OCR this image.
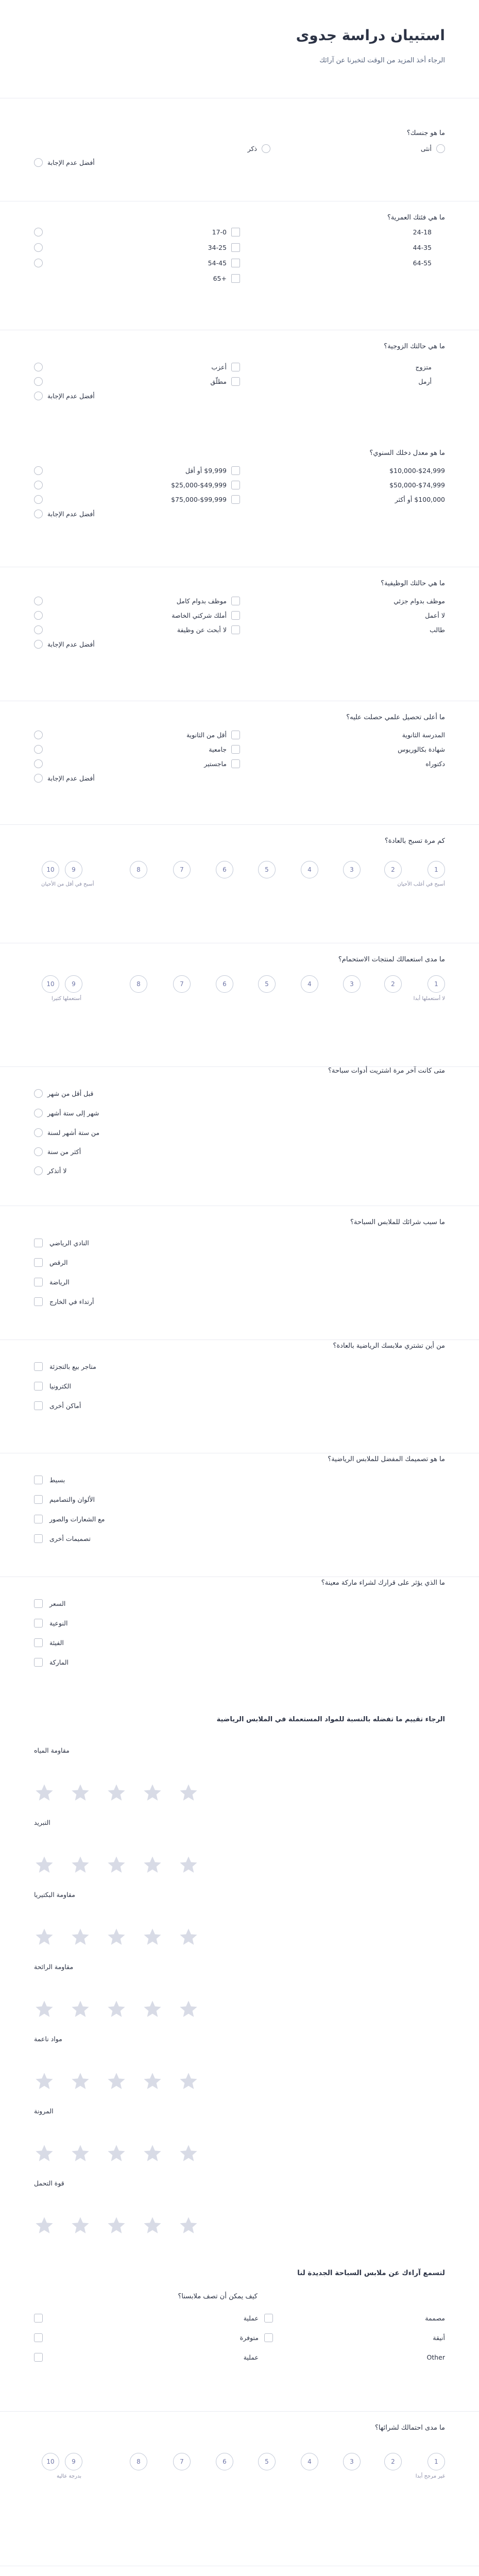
استبيان دراسة جدوى
الرجاء أخذ المزيد من الوقت لتخبرنا عن آرائك
ما هو جنسك؟
أنثى
ذكر
أفضل عدم الإجابة
ما هي فئتك العمرية؟
24-18
17-0
44-35
34-25
64-55
54-45
+65
ما هي حالتك الزوجية؟
متزوج
أعزب
أرمل
مطلّق
أفضل عدم الإجابة
ما هو معدل دخلك السنوي؟
$24,999-$10,000
$9,999 أو أقل
$74,999-$50,000
$49,999-$25,000
$100,000 أو أكثر
$99,999-$75,000
أفضل عدم الإجابة
ما هي حالتك الوظيفية؟
موظف بدوام جزئي
موظف بدوام كامل
لا أعمل
أملك شركتي الخاصة
طالب
لا أبحث عن وظيفة
أفضل عدم الإجابة
ما أعلى تحصيل علمي حصلت عليه؟
المدرسة الثانوية
أقل من الثانوية
شهادة بكالوريوس
جامعية
دكتوراه
ماجستير
أفضل عدم الإجابة
كم مرة تسبح بالعادة؟
1
2
3
4
5
6
7
8
9
10
أسبح في أغلب الأحيان
أسبح في أقل من الأحيان
ما مدى استعمالك لمنتجات الاستحمام؟
1
2
3
4
5
6
7
8
9
10
لا أستعملها أبدا
أستعملها كثيرا
متى كانت آخر مرة اشتريت أدوات سباحة؟
قبل أقل من شهر
شهر إلى ستة أشهر
من ستة أشهر لسنة
أكثر من سنة
لا أتذكر
ما سبب شرائك للملابس السباحة؟
النادي الرياضي
الرقص
الرياضة
أرتداء في الخارج
من أين تشتري ملابسك الرياضية بالعادة؟
متاجر بيع بالتجزئة
الكترونيا
أماكن أخرى
ما هو تصميمك المفضل للملابس الرياضية؟
بسيط
الألوان والتصاميم
مع الشعارات والصور
تصميمات أخرى
ما الذي يؤثر على قرارك لشراء ماركة معينة؟
السعر
النوعية
الفيئة
الماركة
الرجاء تقييم ما تفضله بالنسبة للمواد المستعملة في الملابس الرياضية
مقاومة المياه
التبريد
مقاومة البكتيريا
مقاومة الرائحة
مواد ناعمة
المرونة
قوة التحمل
لتسمع آراءك عن ملابس السباحة الجديدة لنا
كيف يمكن أن تصف ملابسنا؟
مصممة
عملية
أنيقة
متوفرة
Other
عملية
ما مدى احتمالك لشرائها؟
1
2
3
4
5
6
7
8
9
10
غير مرجح أبدا
بدرجة عالية
